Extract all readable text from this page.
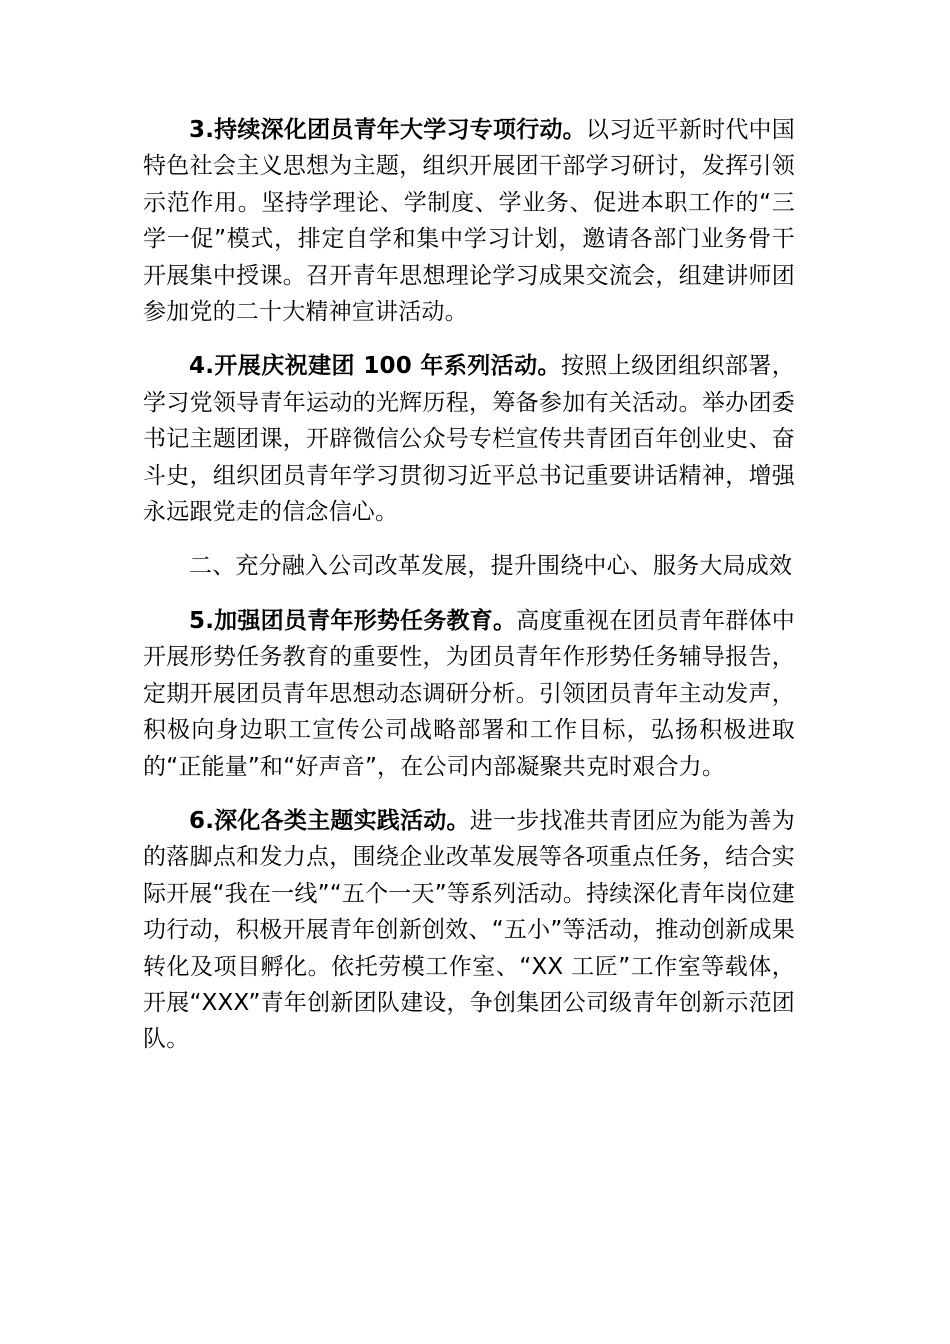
3.持续深化团员青年大学习专项行动。以习近平新时代中国特色社会主义思想为主题，组织开展团干部学习研讨，发挥引领示范作用。坚持学理论、学制度、学业务、促进本职工作的“三学一促”模式，排定自学和集中学习计划，邀请各部门业务骨干开展集中授课。召开青年思想理论学习成果交流会，组建讲师团参加党的二十大精神宣讲活动。

4.开展庆祝建团 100 年系列活动。按照上级团组织部署，学习党领导青年运动的光辉历程，筹备参加有关活动。举办团委书记主题团课，开辟微信公众号专栏宣传共青团百年创业史、奋斗史，组织团员青年学习贯彻习近平总书记重要讲话精神，增强永远跟党走的信念信心。

二、充分融入公司改革发展，提升围绕中心、服务大局成效

5.加强团员青年形势任务教育。高度重视在团员青年群体中开展形势任务教育的重要性，为团员青年作形势任务辅导报告，定期开展团员青年思想动态调研分析。引领团员青年主动发声，积极向身边职工宣传公司战略部署和工作目标，弘扬积极进取的“正能量”和“好声音”，在公司内部凝聚共克时艰合力。

6.深化各类主题实践活动。进一步找准共青团应为能为善为的落脚点和发力点，围绕企业改革发展等各项重点任务，结合实际开展“我在一线”“五个一天”等系列活动。持续深化青年岗位建功行动，积极开展青年创新创效、“五小”等活动，推动创新成果转化及项目孵化。依托劳模工作室、“XX 工匠”工作室等载体，开展“XXX”青年创新团队建设，争创集团公司级青年创新示范团队。
